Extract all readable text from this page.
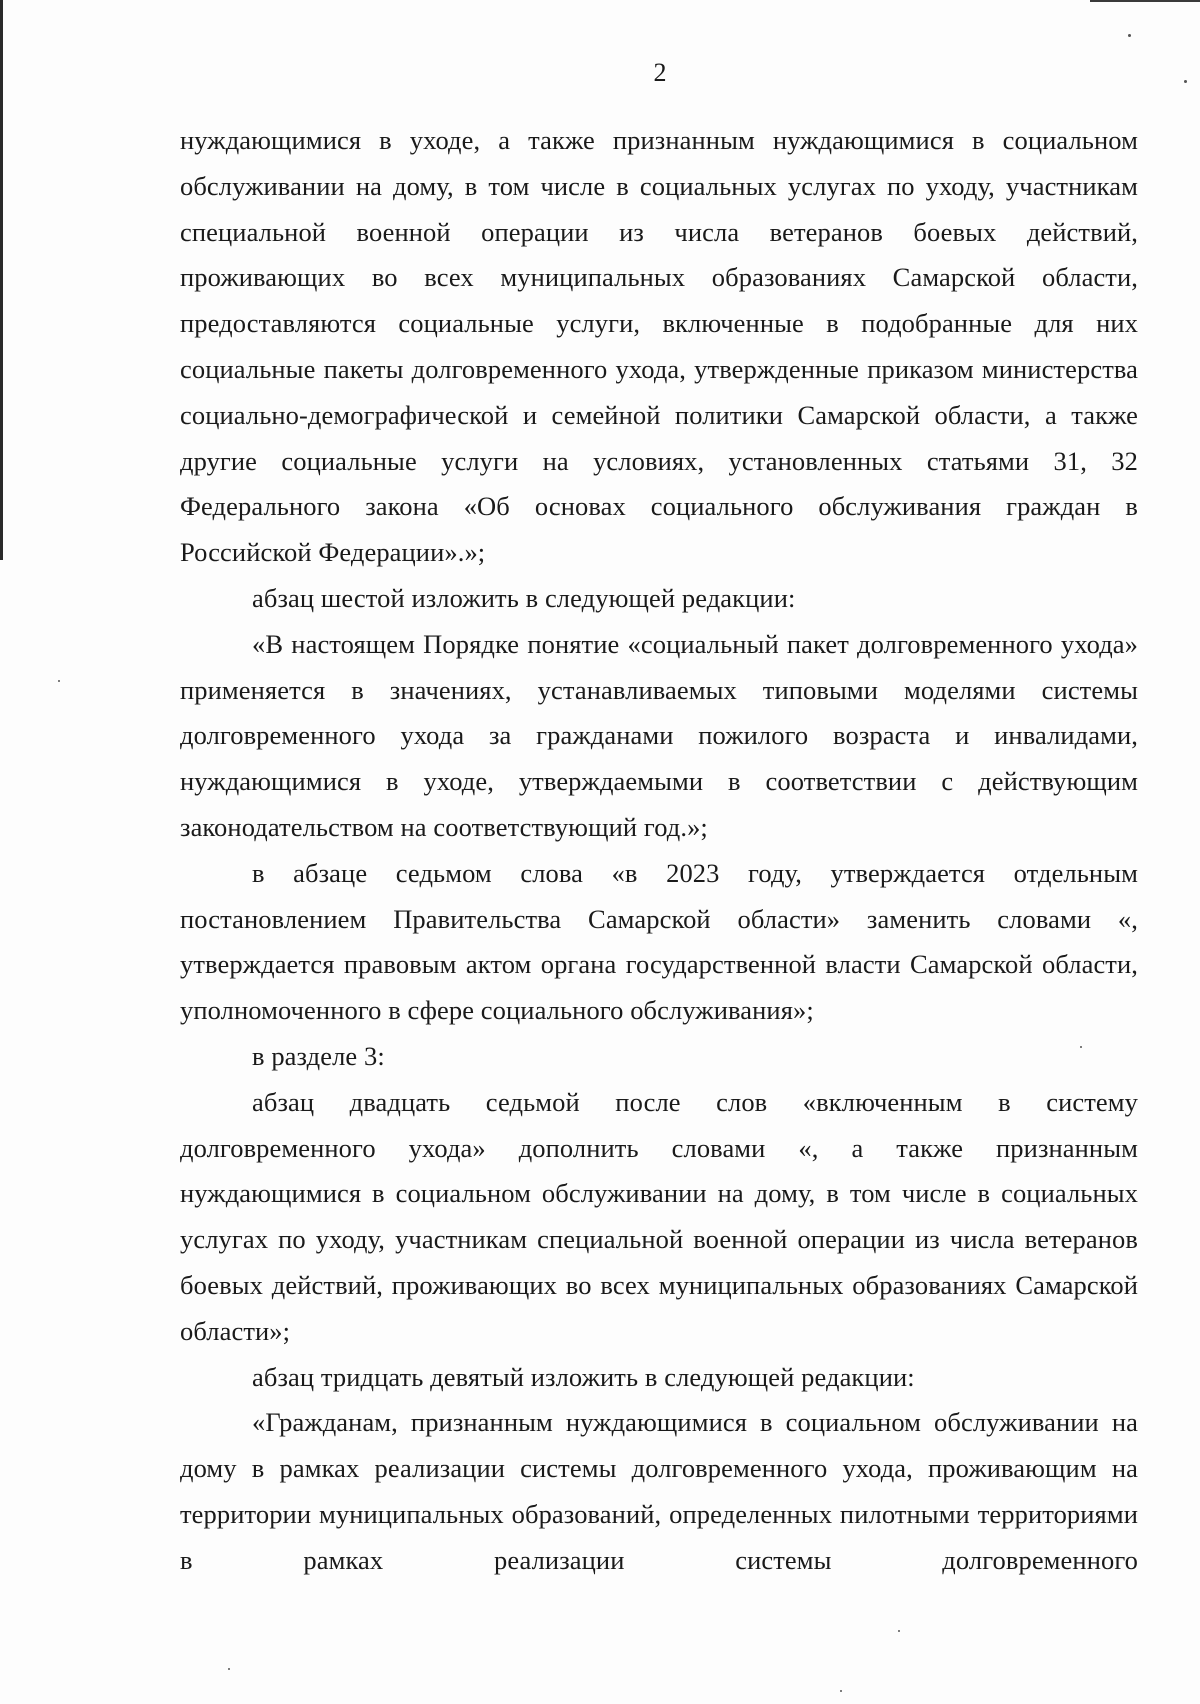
2

нуждающимися в уходе, а также признанным нуждающимися в социальном обслуживании на дому, в том числе в социальных услугах по уходу, участникам специальной военной операции из числа ветеранов боевых действий, проживающих во всех муниципальных образованиях Самарской области, предоставляются социальные услуги, включенные в подобранные для них социальные пакеты долговременного ухода, утвержденные приказом министерства социально-демографической и семейной политики Самарской области, а также другие социальные услуги на условиях, установленных статьями 31, 32 Федерального закона «Об основах социального обслуживания граждан в Российской Федерации».»;

абзац шестой изложить в следующей редакции:

«В настоящем Порядке понятие «социальный пакет долговременного ухода» применяется в значениях, устанавливаемых типовыми моделями системы долговременного ухода за гражданами пожилого возраста и инвалидами, нуждающимися в уходе, утверждаемыми в соответствии с действующим законодательством на соответствующий год.»;

в абзаце седьмом слова «в 2023 году, утверждается отдельным постановлением Правительства Самарской области» заменить словами «, утверждается правовым актом органа государственной власти Самарской области, уполномоченного в сфере социального обслуживания»;

в разделе 3:

абзац двадцать седьмой после слов «включенным в систему долговременного ухода» дополнить словами «, а также признанным нуждающимися в социальном обслуживании на дому, в том числе в социальных услугах по уходу, участникам специальной военной операции из числа ветеранов боевых действий, проживающих во всех муниципальных образованиях Самарской области»;

абзац тридцать девятый изложить в следующей редакции:

«Гражданам, признанным нуждающимися в социальном обслуживании на дому в рамках реализации системы долговременного ухода, проживающим на территории муниципальных образований, определенных пилотными территориями в рамках реализации системы долговременного
